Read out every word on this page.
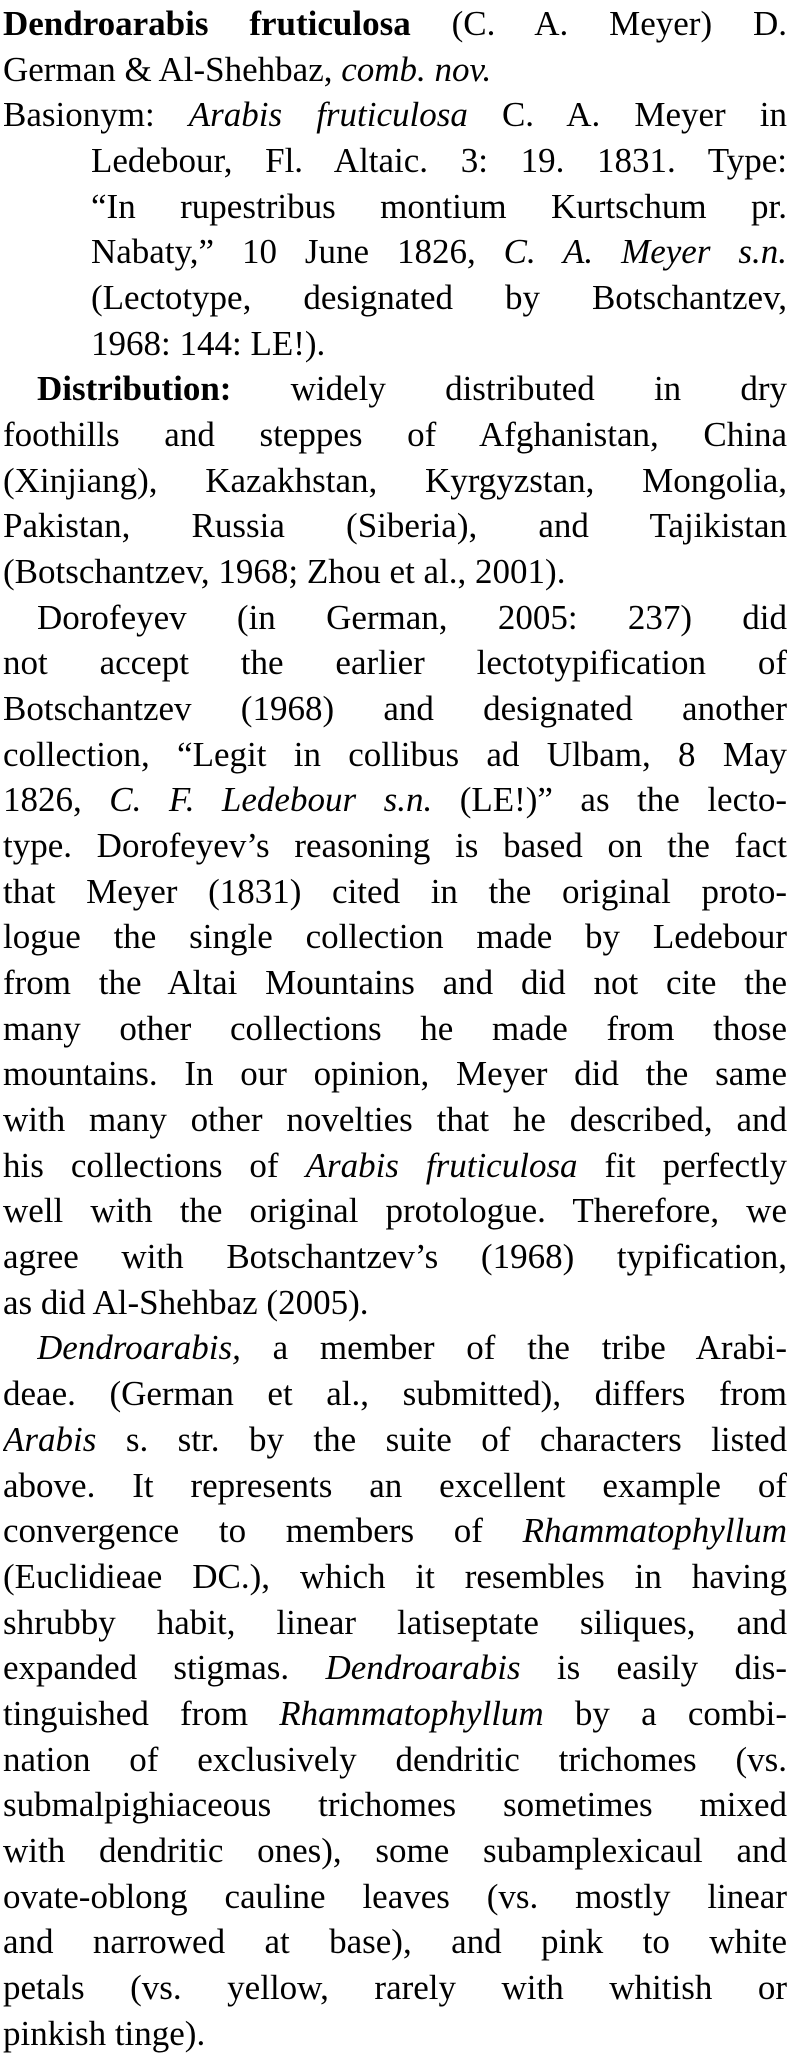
Dendroarabis fruticulosa (C. A. Meyer) D.
German & Al-Shehbaz, comb. nov.
Basionym: Arabis fruticulosa C. A. Meyer in
Ledebour, Fl. Altaic. 3: 19. 1831. Type:
“In rupestribus montium Kurtschum pr.
Nabaty,” 10 June 1826, C. A. Meyer s.n.
(Lectotype, designated by Botschantzev,
1968: 144: LE!).
Distribution: widely distributed in dry
foothills and steppes of Afghanistan, China
(Xinjiang), Kazakhstan, Kyrgyzstan, Mongolia,
Pakistan, Russia (Siberia), and Tajikistan
(Botschantzev, 1968; Zhou et al., 2001).
Dorofeyev (in German, 2005: 237) did
not accept the earlier lectotypification of
Botschantzev (1968) and designated another
collection, “Legit in collibus ad Ulbam, 8 May
1826, C. F. Ledebour s.n. (LE!)” as the lecto-
type. Dorofeyev’s reasoning is based on the fact
that Meyer (1831) cited in the original proto-
logue the single collection made by Ledebour
from the Altai Mountains and did not cite the
many other collections he made from those
mountains. In our opinion, Meyer did the same
with many other novelties that he described, and
his collections of Arabis fruticulosa fit perfectly
well with the original protologue. Therefore, we
agree with Botschantzev’s (1968) typification,
as did Al-Shehbaz (2005).
Dendroarabis, a member of the tribe Arabi-
deae. (German et al., submitted), differs from
Arabis s. str. by the suite of characters listed
above. It represents an excellent example of
convergence to members of Rhammatophyllum
(Euclidieae DC.), which it resembles in having
shrubby habit, linear latiseptate siliques, and
expanded stigmas. Dendroarabis is easily dis-
tinguished from Rhammatophyllum by a combi-
nation of exclusively dendritic trichomes (vs.
submalpighiaceous trichomes sometimes mixed
with dendritic ones), some subamplexicaul and
ovate-oblong cauline leaves (vs. mostly linear
and narrowed at base), and pink to white
petals (vs. yellow, rarely with whitish or
pinkish tinge).
